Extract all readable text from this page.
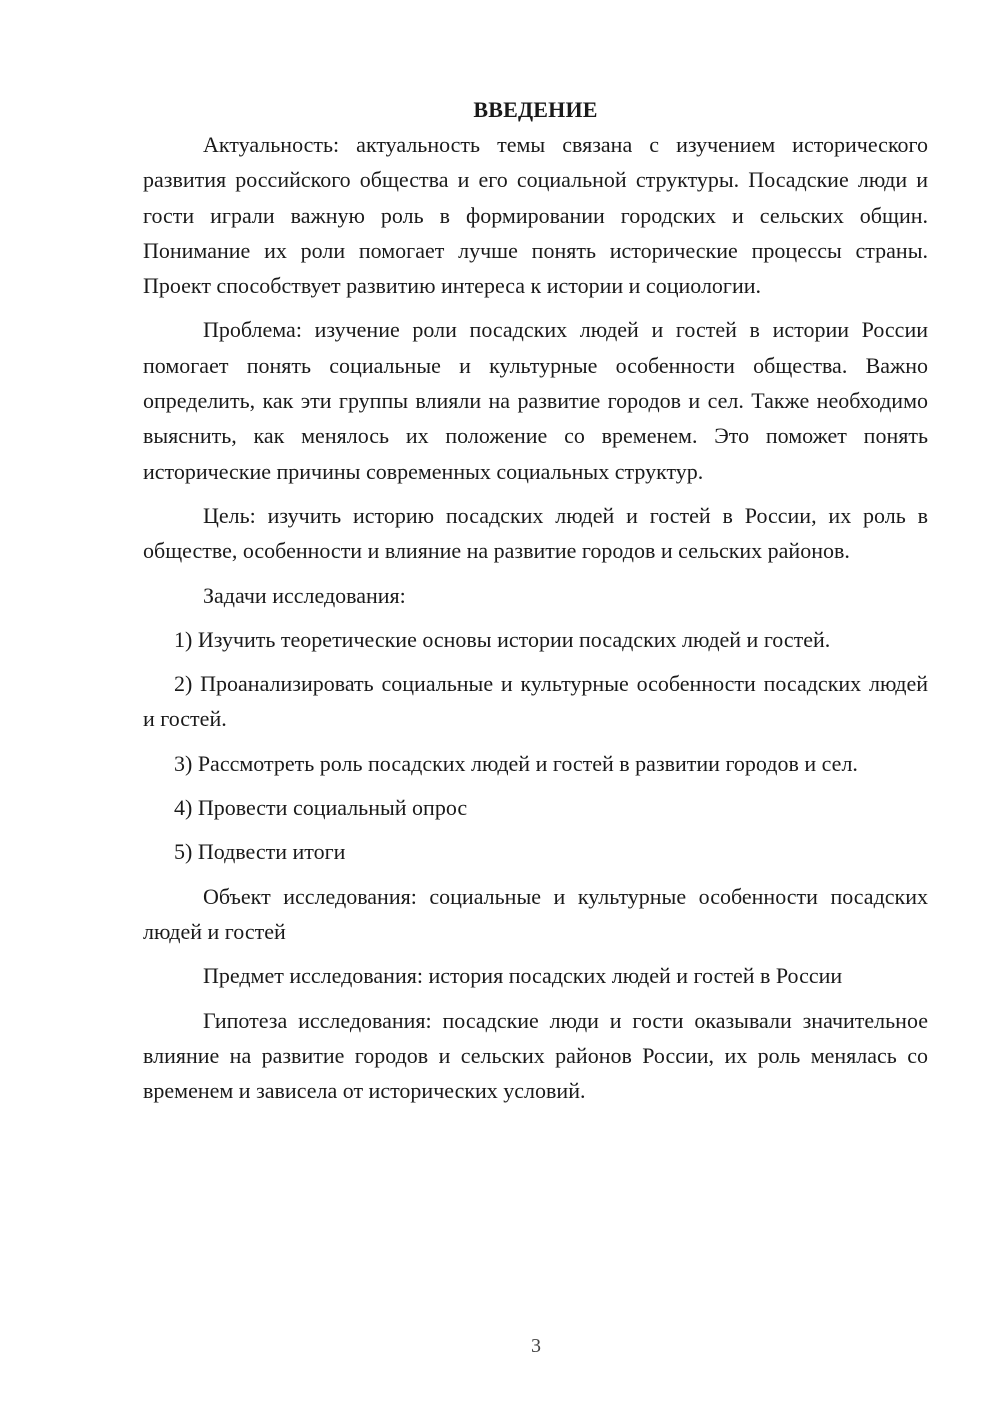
ВВЕДЕНИЕ

Актуальность: актуальность темы связана с изучением исторического развития российского общества и его социальной структуры. Посадские люди и гости играли важную роль в формировании городских и сельских общин. Понимание их роли помогает лучше понять исторические процессы страны. Проект способствует развитию интереса к истории и социологии.

Проблема: изучение роли посадских людей и гостей в истории России помогает понять социальные и культурные особенности общества. Важно определить, как эти группы влияли на развитие городов и сел. Также необходимо выяснить, как менялось их положение со временем. Это поможет понять исторические причины современных социальных структур.

Цель: изучить историю посадских людей и гостей в России, их роль в обществе, особенности и влияние на развитие городов и сельских районов.

Задачи исследования:

1) Изучить теоретические основы истории посадских людей и гостей.

2) Проанализировать социальные и культурные особенности посадских людей и гостей.

3) Рассмотреть роль посадских людей и гостей в развитии городов и сел.

4) Провести социальный опрос

5) Подвести итоги

Объект исследования: социальные и культурные особенности посадских людей и гостей

Предмет исследования: история посадских людей и гостей в России

Гипотеза исследования: посадские люди и гости оказывали значительное влияние на развитие городов и сельских районов России, их роль менялась со временем и зависела от исторических условий.

3
